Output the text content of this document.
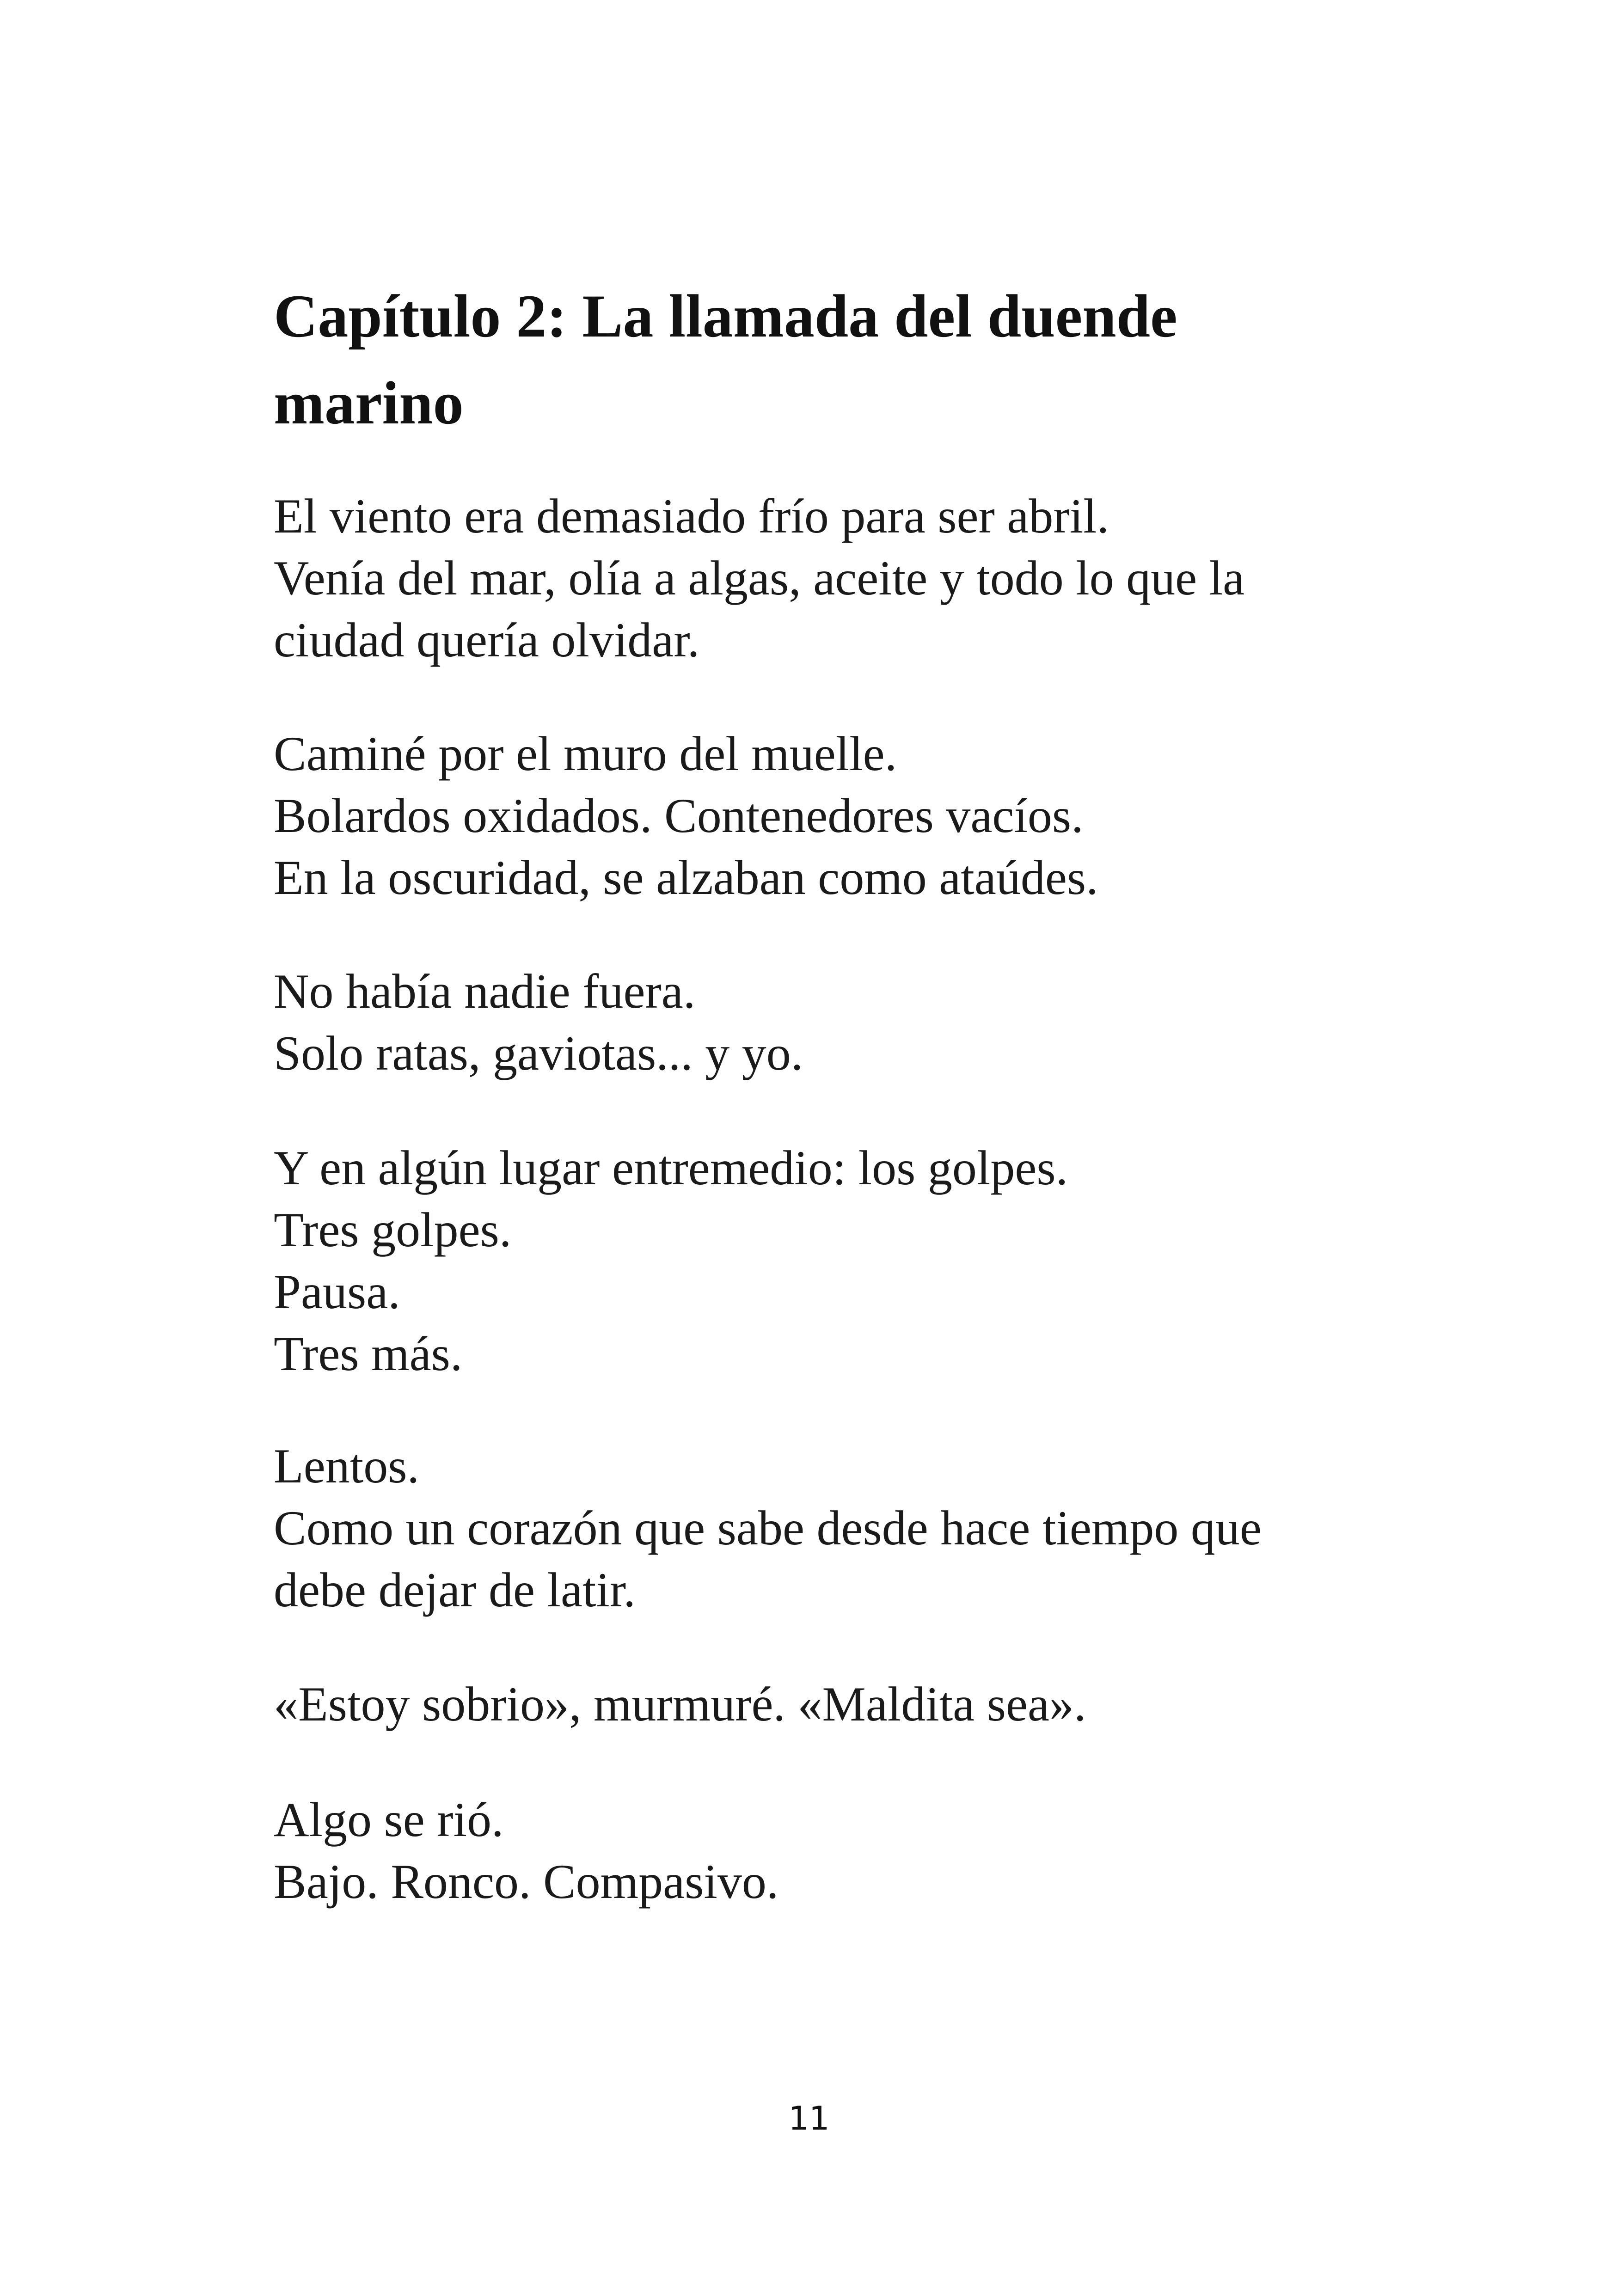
Capítulo 2: La llamada del duende
marino
El viento era demasiado frío para ser abril.
Venía del mar, olía a algas, aceite y todo lo que la
ciudad quería olvidar.
Caminé por el muro del muelle.
Bolardos oxidados. Contenedores vacíos.
En la oscuridad, se alzaban como ataúdes.
No había nadie fuera.
Solo ratas, gaviotas... y yo.
Y en algún lugar entremedio: los golpes.
Tres golpes.
Pausa.
Tres más.
Lentos.
Como un corazón que sabe desde hace tiempo que
debe dejar de latir.
«Estoy sobrio», murmuré. «Maldita sea».
Algo se rió.
Bajo. Ronco. Compasivo.
11
